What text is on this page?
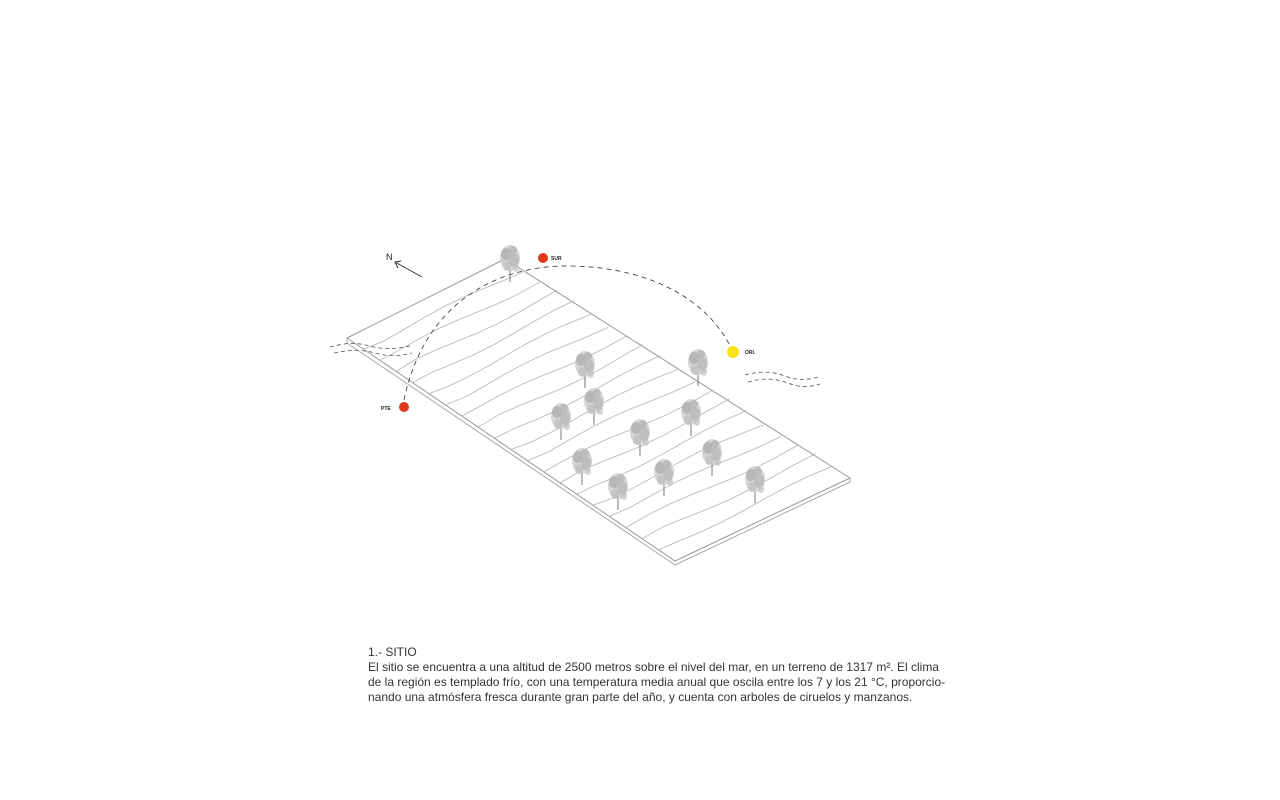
SUR
ORI.
PTE
N
1.- SITIO
El sitio se encuentra a una altitud de 2500 metros sobre el nivel del mar, en un terreno de 1317 m². El clima
de la región es templado frío, con una temperatura media anual que oscila entre los 7 y los 21 °C, proporcio-
nando una atmósfera fresca durante gran parte del año, y cuenta con arboles de ciruelos y manzanos.
